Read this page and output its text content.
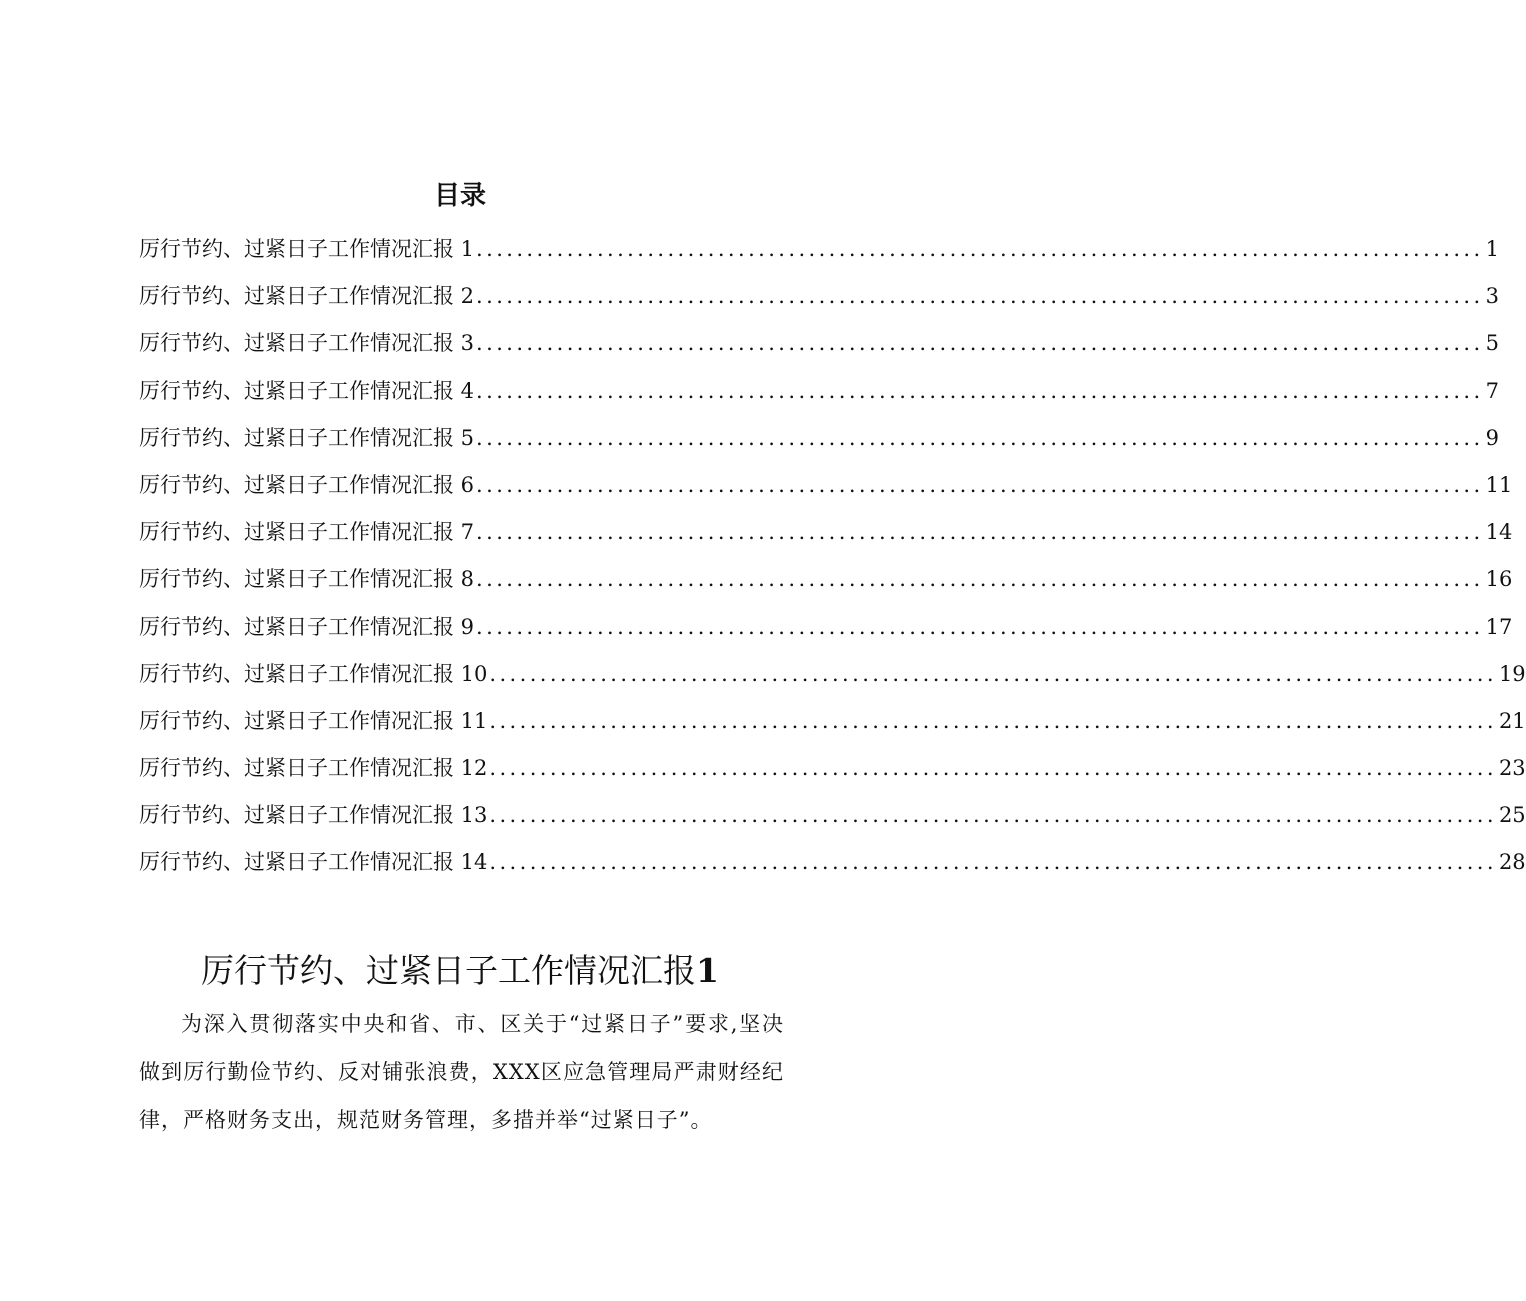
目录
厉行节约、过紧日子工作情况汇报 1 .................................................................................................... 1
厉行节约、过紧日子工作情况汇报 2 .................................................................................................... 3
厉行节约、过紧日子工作情况汇报 3 .................................................................................................... 5
厉行节约、过紧日子工作情况汇报 4 .................................................................................................... 7
厉行节约、过紧日子工作情况汇报 5 .................................................................................................... 9
厉行节约、过紧日子工作情况汇报 6 .................................................................................................... 11
厉行节约、过紧日子工作情况汇报 7 .................................................................................................... 14
厉行节约、过紧日子工作情况汇报 8 .................................................................................................... 16
厉行节约、过紧日子工作情况汇报 9 .................................................................................................... 17
厉行节约、过紧日子工作情况汇报 10 .................................................................................................... 19
厉行节约、过紧日子工作情况汇报 11 .................................................................................................... 21
厉行节约、过紧日子工作情况汇报 12 .................................................................................................... 23
厉行节约、过紧日子工作情况汇报 13 .................................................................................................... 25
厉行节约、过紧日子工作情况汇报 14 .................................................................................................... 28
厉行节约、过紧日子工作情况汇报1

为深入贯彻落实中央和省、市、区关于“过紧日子”要求,坚决做到厉行勤俭节约、反对铺张浪费，XXX区应急管理局严肃财经纪律，严格财务支出，规范财务管理，多措并举“过紧日子”。
